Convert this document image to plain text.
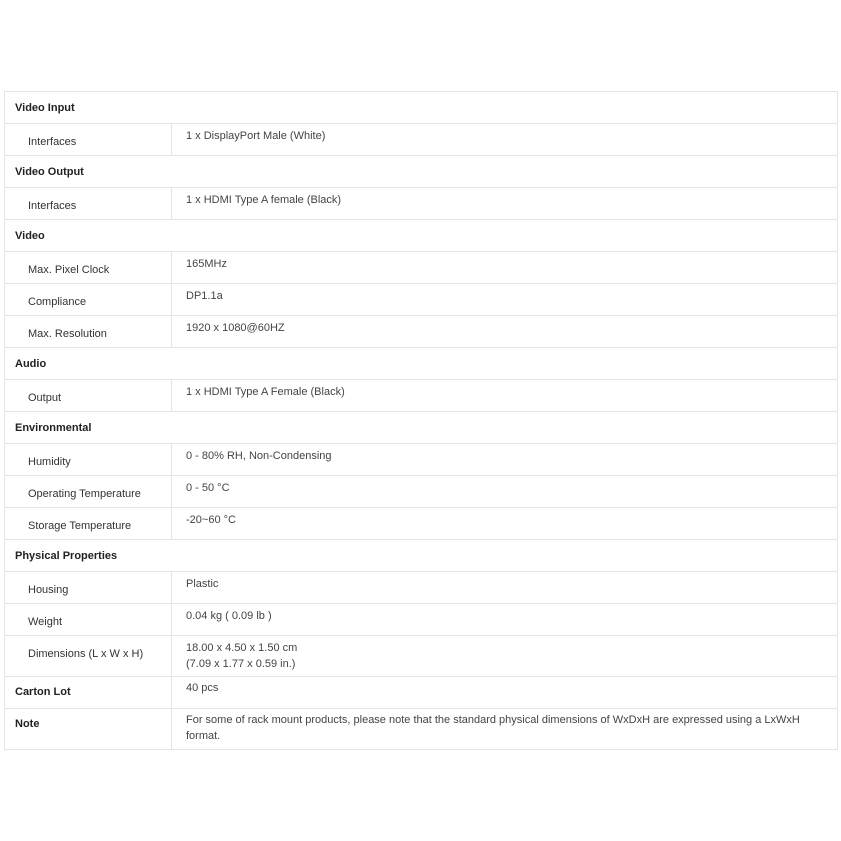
Video Input	

Interfaces	1 x DisplayPort Male (White)

Video Output	

Interfaces	1 x HDMI Type A female (Black)

Video	

Max. Pixel Clock	165MHz

Compliance	DP1.1a

Max. Resolution	1920 x 1080@60HZ

Audio	

Output	1 x HDMI Type A Female (Black)

Environmental	

Humidity	0 - 80% RH, Non-Condensing

Operating Temperature	0 - 50 °C

Storage Temperature	-20~60 °C

Physical Properties	

Housing	Plastic

Weight	0.04 kg ( 0.09 lb )

Dimensions (L x W x H)	18.00 x 4.50 x 1.50 cm
(7.09 x 1.77 x 0.59 in.)

Carton Lot	40 pcs

Note	For some of rack mount products, please note that the standard physical dimensions of WxDxH are expressed using a LxWxH format.
